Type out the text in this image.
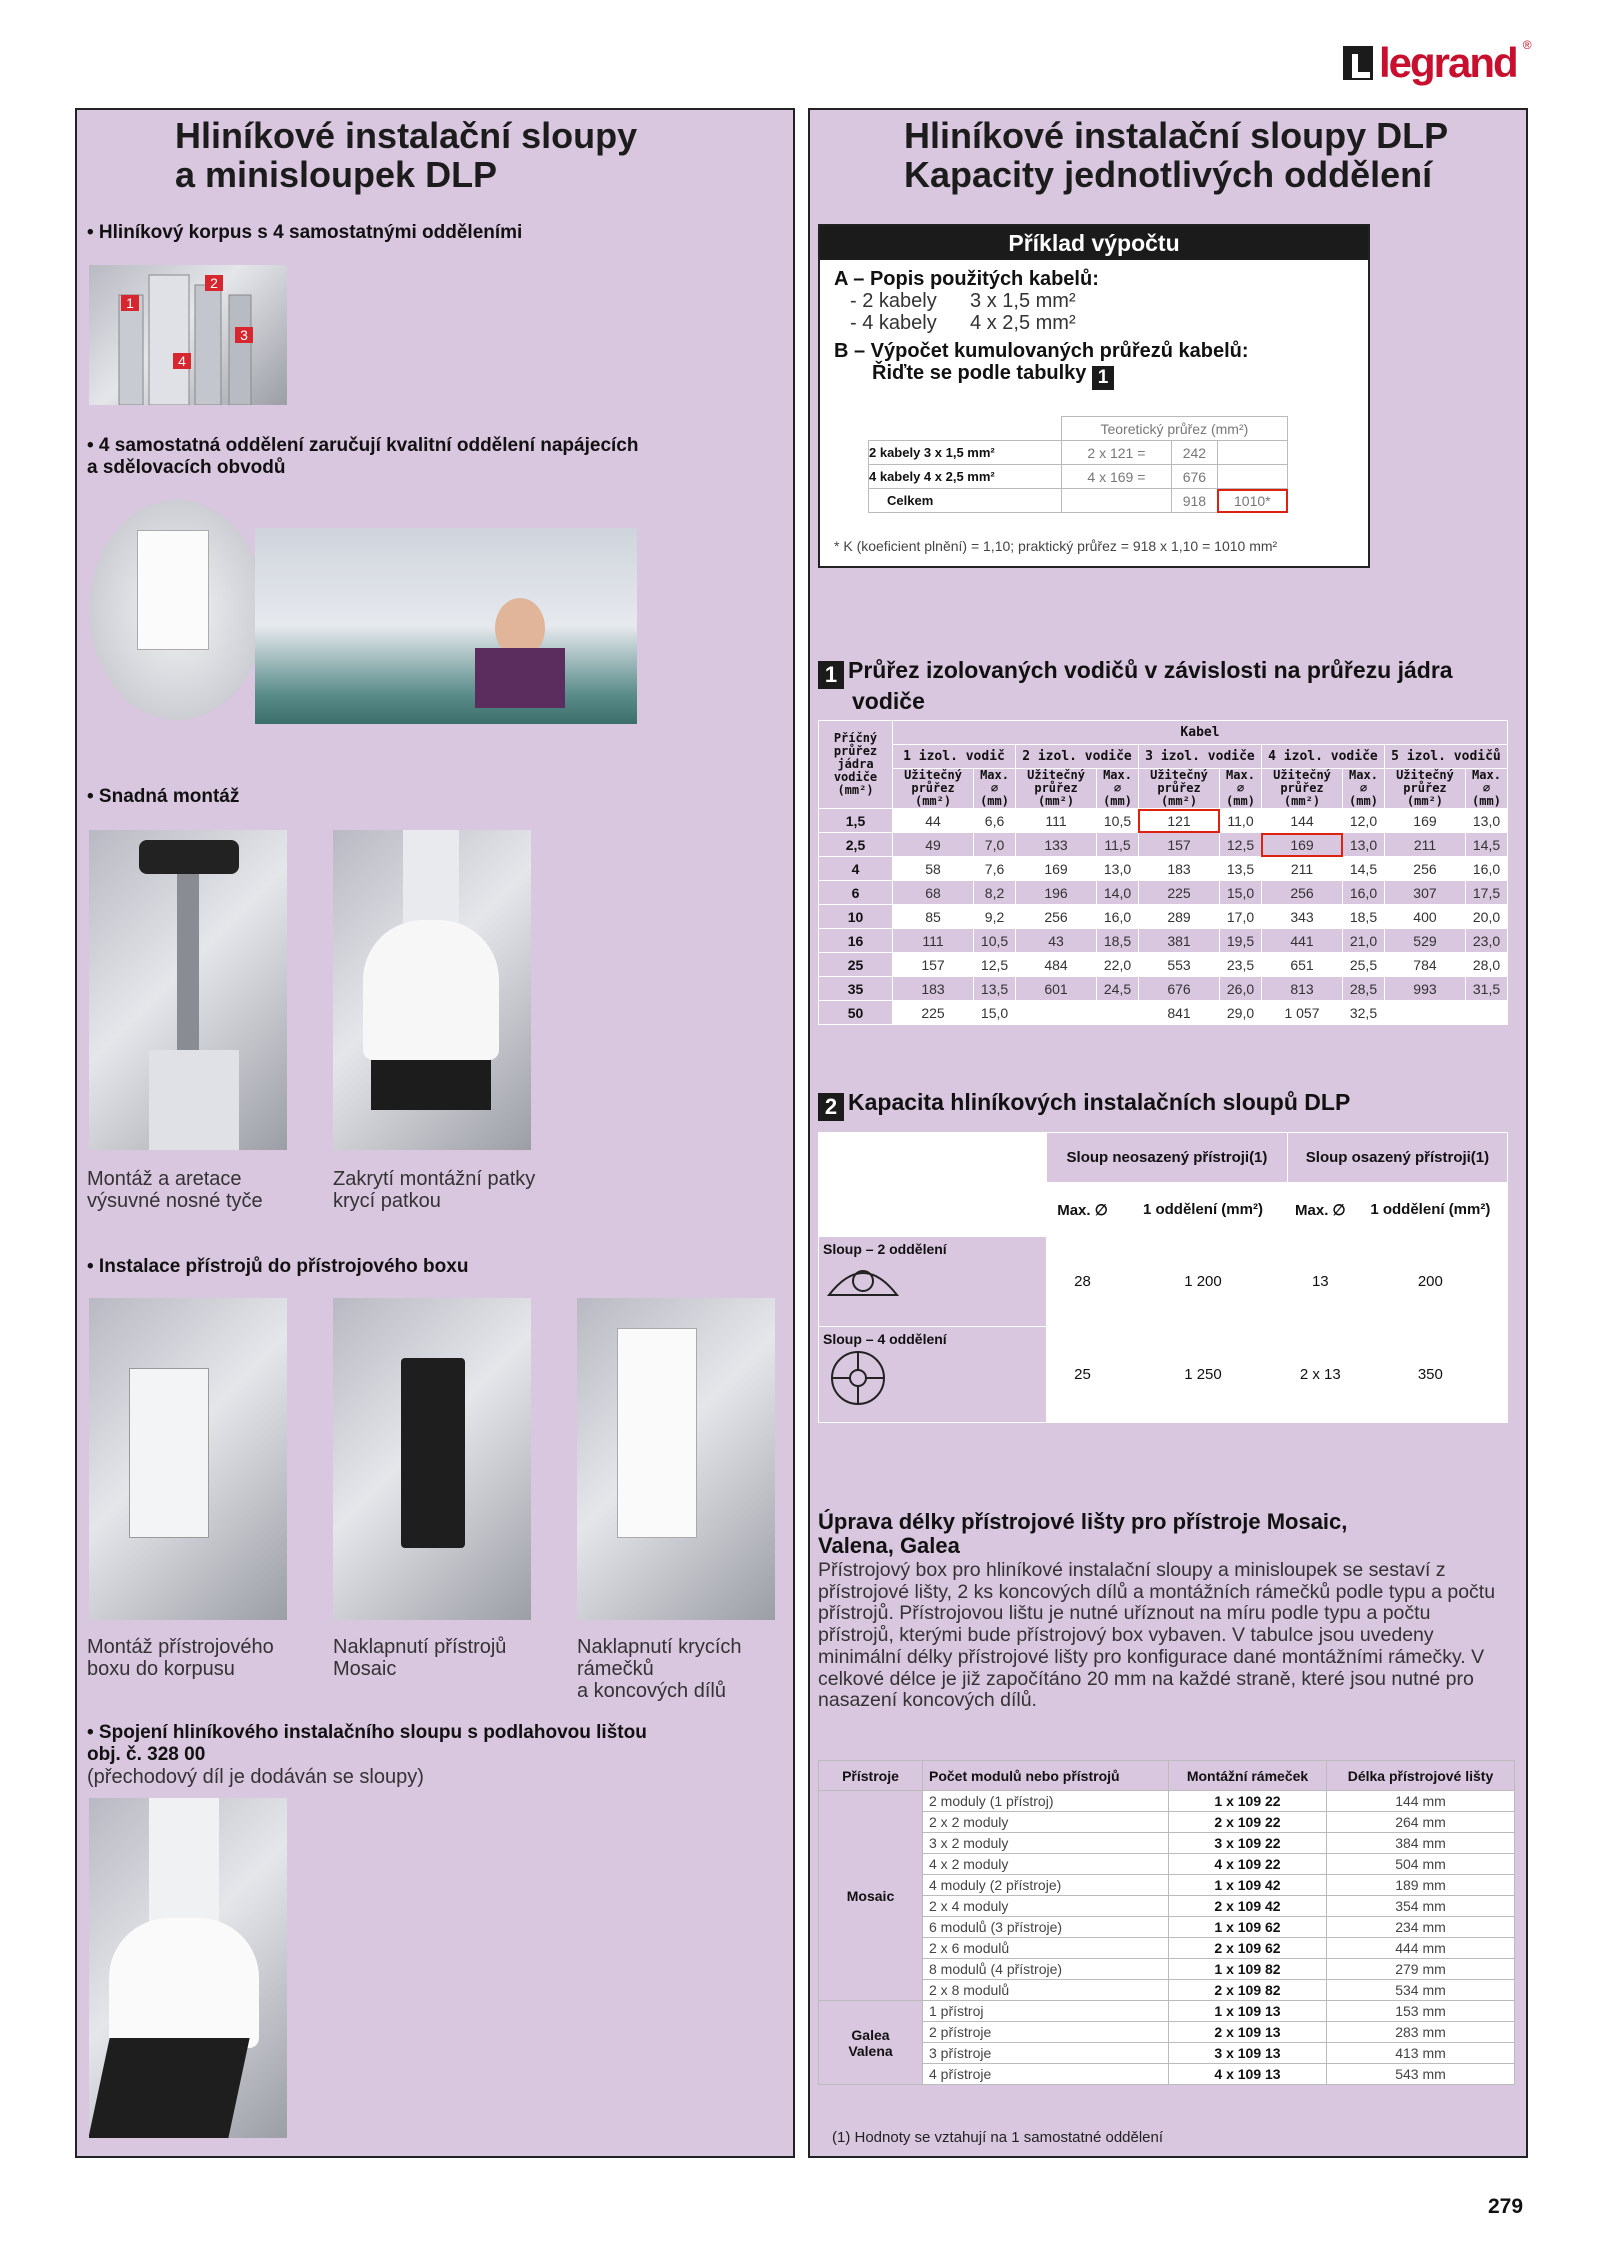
legrand ®
Hliníkové instalační sloupy
a minisloupek DLP
• Hliníkový korpus s 4 samostatnými odděleními
1
2
3
4
• 4 samostatná oddělení zaručují kvalitní oddělení napájecích
a sdělovacích obvodů
• Snadná montáž
Montáž a aretace
výsuvné nosné tyče
Zakrytí montážní patky
krycí patkou
• Instalace přístrojů do přístrojového boxu
Montáž přístrojového
boxu do korpusu
Naklapnutí přístrojů
Mosaic
Naklapnutí krycích
rámečků
a koncových dílů
• Spojení hliníkového instalačního sloupu s podlahovou lištou
obj. č. 328 00
(přechodový díl je dodáván se sloupy)
Hliníkové instalační sloupy DLP
Kapacity jednotlivých oddělení
Příklad výpočtu
A – Popis použitých kabelů:
- 2 kabely      3 x 1,5 mm²
- 4 kabely      4 x 2,5 mm²
B – Výpočet kumulovaných průřezů kabelů:
Řiďte se podle tabulky 1
	Teoretický průřez (mm²)		
2 kabely 3 x 1,5 mm²	2 x 121 =	242	
4 kabely 4 x 2,5 mm²	4 x 169 =	676	
Celkem		918	1010*
* K (koeficient plnění) = 1,10; praktický průřez = 918 x 1,10 = 1010 mm²
1 Průřez izolovaných vodičů v závislosti na průřezu jádra
vodiče
Příčný průřez jádra vodiče (mm²)	Kabel									
	1 izol. vodič		2 izol. vodiče		3 izol. vodiče		4 izol. vodiče		5 izol. vodičů	
	Užitečný průřez (mm²)	Max. ∅ (mm)	Užitečný průřez (mm²)	Max. ∅ (mm)	Užitečný průřez (mm²)	Max. ∅ (mm)	Užitečný průřez (mm²)	Max. ∅ (mm)	Užitečný průřez (mm²)	Max. ∅ (mm)
1,5	44	6,6	111	10,5	121	11,0	144	12,0	169	13,0
2,5	49	7,0	133	11,5	157	12,5	169	13,0	211	14,5
4	58	7,6	169	13,0	183	13,5	211	14,5	256	16,0
6	68	8,2	196	14,0	225	15,0	256	16,0	307	17,5
10	85	9,2	256	16,0	289	17,0	343	18,5	400	20,0
16	111	10,5	43	18,5	381	19,5	441	21,0	529	23,0
25	157	12,5	484	22,0	553	23,5	651	25,5	784	28,0
35	183	13,5	601	24,5	676	26,0	813	28,5	993	31,5
50	225	15,0			841	29,0	1 057	32,5		
2 Kapacita hliníkových instalačních sloupů DLP
	Sloup neosazený přístroji(1)		Sloup osazený přístroji(1)	
	Max. ∅	1 oddělení (mm²)	Max. ∅	1 oddělení (mm²)

Sloup – 2 oddělení	28	1 200	13	200

Sloup – 4 oddělení	25	1 250	2 x 13	350
Úprava délky přístrojové lišty pro přístroje Mosaic,
Valena, Galea

Přístrojový box pro hliníkové instalační sloupy a minisloupek se sestaví z přístrojové lišty, 2 ks koncových dílů a montážních rámečků podle typu a počtu přístrojů. Přístrojovou lištu je nutné uříznout na míru podle typu a počtu přístrojů, kterými bude přístrojový box vybaven. V tabulce jsou uvedeny minimální délky přístrojové lišty pro konfigurace dané montážními rámečky. V celkové délce je již započítáno 20 mm na každé straně, které jsou nutné pro nasazení koncových dílů.

Přístroje	Počet modulů nebo přístrojů	Montážní rámeček	Délka přístrojové lišty
Mosaic	2 moduly (1 přístroj)	1 x 109 22	144 mm
	2 x 2 moduly	2 x 109 22	264 mm
	3 x 2 moduly	3 x 109 22	384 mm
	4 x 2 moduly	4 x 109 22	504 mm
	4 moduly (2 přístroje)	1 x 109 42	189 mm
	2 x 4 moduly	2 x 109 42	354 mm
	6 modulů (3 přístroje)	1 x 109 62	234 mm
	2 x 6 modulů	2 x 109 62	444 mm
	8 modulů (4 přístroje)	1 x 109 82	279 mm
	2 x 8 modulů	2 x 109 82	534 mm
Galea
Valena	1 přístroj	1 x 109 13	153 mm
	2 přístroje	2 x 109 13	283 mm
	3 přístroje	3 x 109 13	413 mm
	4 přístroje	4 x 109 13	543 mm
(1) Hodnoty se vztahují na 1 samostatné oddělení
279
